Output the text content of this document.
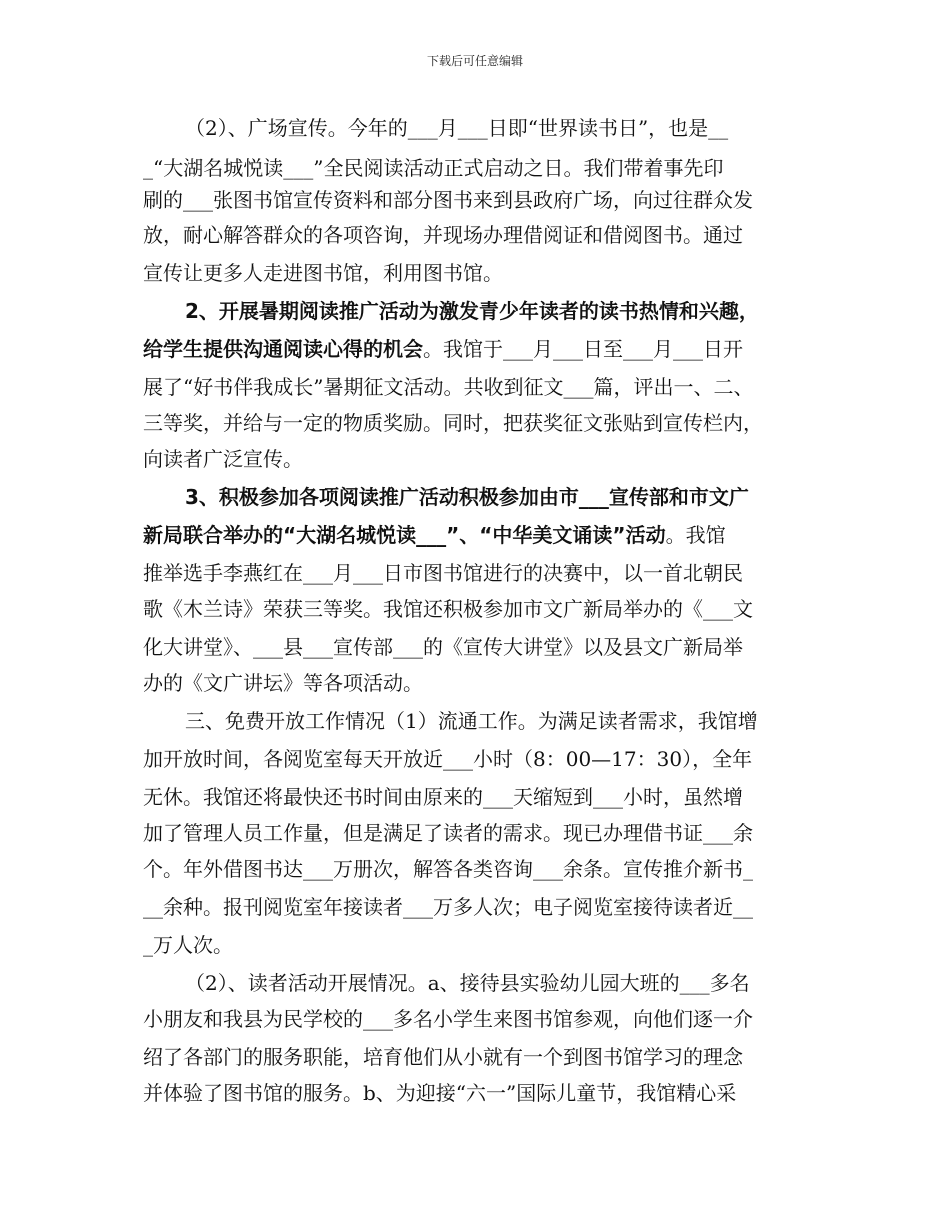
下载后可任意编辑
（2）、广场宣传。今年的___月___日即“世界读书日”，也是__
_“大湖名城悦读___”全民阅读活动正式启动之日。我们带着事先印
刷的___张图书馆宣传资料和部分图书来到县政府广场，向过往群众发
放，耐心解答群众的各项咨询，并现场办理借阅证和借阅图书。通过
宣传让更多人走进图书馆，利用图书馆。
2、开展暑期阅读推广活动为激发青少年读者的读书热情和兴趣，
给学生提供沟通阅读心得的机会。我馆于___月___日至___月___日开
展了“好书伴我成长”暑期征文活动。共收到征文___篇，评出一、二、
三等奖，并给与一定的物质奖励。同时，把获奖征文张贴到宣传栏内，
向读者广泛宣传。
3、积极参加各项阅读推广活动积极参加由市___宣传部和市文广
新局联合举办的“大湖名城悦读___”、“中华美文诵读”活动。我馆
推举选手李燕红在___月___日市图书馆进行的决赛中，以一首北朝民
歌《木兰诗》荣获三等奖。我馆还积极参加市文广新局举办的《___文
化大讲堂》、___县___宣传部___的《宣传大讲堂》以及县文广新局举
办的《文广讲坛》等各项活动。
三、免费开放工作情况（1）流通工作。为满足读者需求，我馆增
加开放时间，各阅览室每天开放近___小时（8：00—17：30），全年
无休。我馆还将最快还书时间由原来的___天缩短到___小时，虽然增
加了管理人员工作量，但是满足了读者的需求。现已办理借书证___余
个。年外借图书达___万册次，解答各类咨询___余条。宣传推介新书_
__余种。报刊阅览室年接读者___万多人次；电子阅览室接待读者近__
_万人次。
（2）、读者活动开展情况。a、接待县实验幼儿园大班的___多名
小朋友和我县为民学校的___多名小学生来图书馆参观，向他们逐一介
绍了各部门的服务职能，培育他们从小就有一个到图书馆学习的理念
并体验了图书馆的服务。b、为迎接“六一”国际儿童节，我馆精心采
